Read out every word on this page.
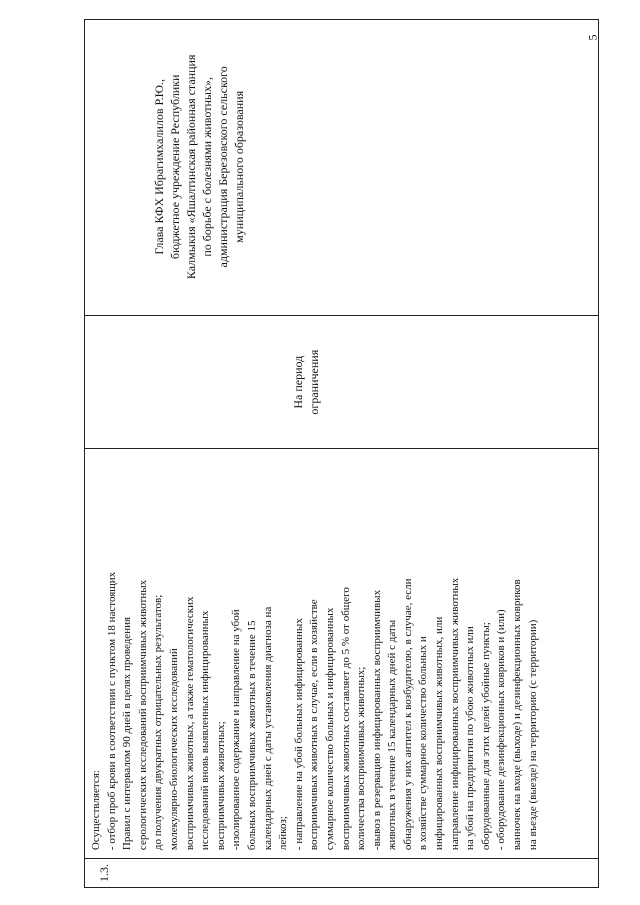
5
1.3.

Осуществляется: - отбор проб крови в соответствии с пунктом 18 настоящих Правил с интервалом 90 дней в целях проведения серологических исследований восприимчивых животных до получения двукратных отрицательных результатов; молекулярно-биологических исследований восприимчивых животных, а также гематологических исследований вновь выявленных инфицированных восприимчивых животных; -изолированное содержание и направление на убой больных восприимчивых животных в течение 15 календарных дней с даты установления диагноза на лейкоз; - направление на убой больных инфицированных восприимчивых животных в случае, если в хозяйстве суммарное количество больных и инфицированных восприимчивых животных составляет до 5 % от общего количества восприимчивых животных; -вывоз в резервацию инфицированных восприимчивых животных в течение 15 календарных дней с даты обнаружения у них антител к возбудителю, в случае, если в хозяйстве суммарное количество больных и инфицированных восприимчивых животных, или направление инфицированных восприимчивых животных на убой на предприятия по убою животных или оборудованные для этих целей убойные пункты; - оборудование дезинфекционных ковриков и (или) ванночек на входе (выходе) и дезинфекционных ковриков на въезде (выезде) на территорию (с территории)

На период ограничения

Глава КФХ Ибрагимхалилов Р.Ю., бюджетное учреждение Республики Калмыкия «Яшалтинская районная станция по борьбе с болезнями животных», администрация Березовского сельского муниципального образования
